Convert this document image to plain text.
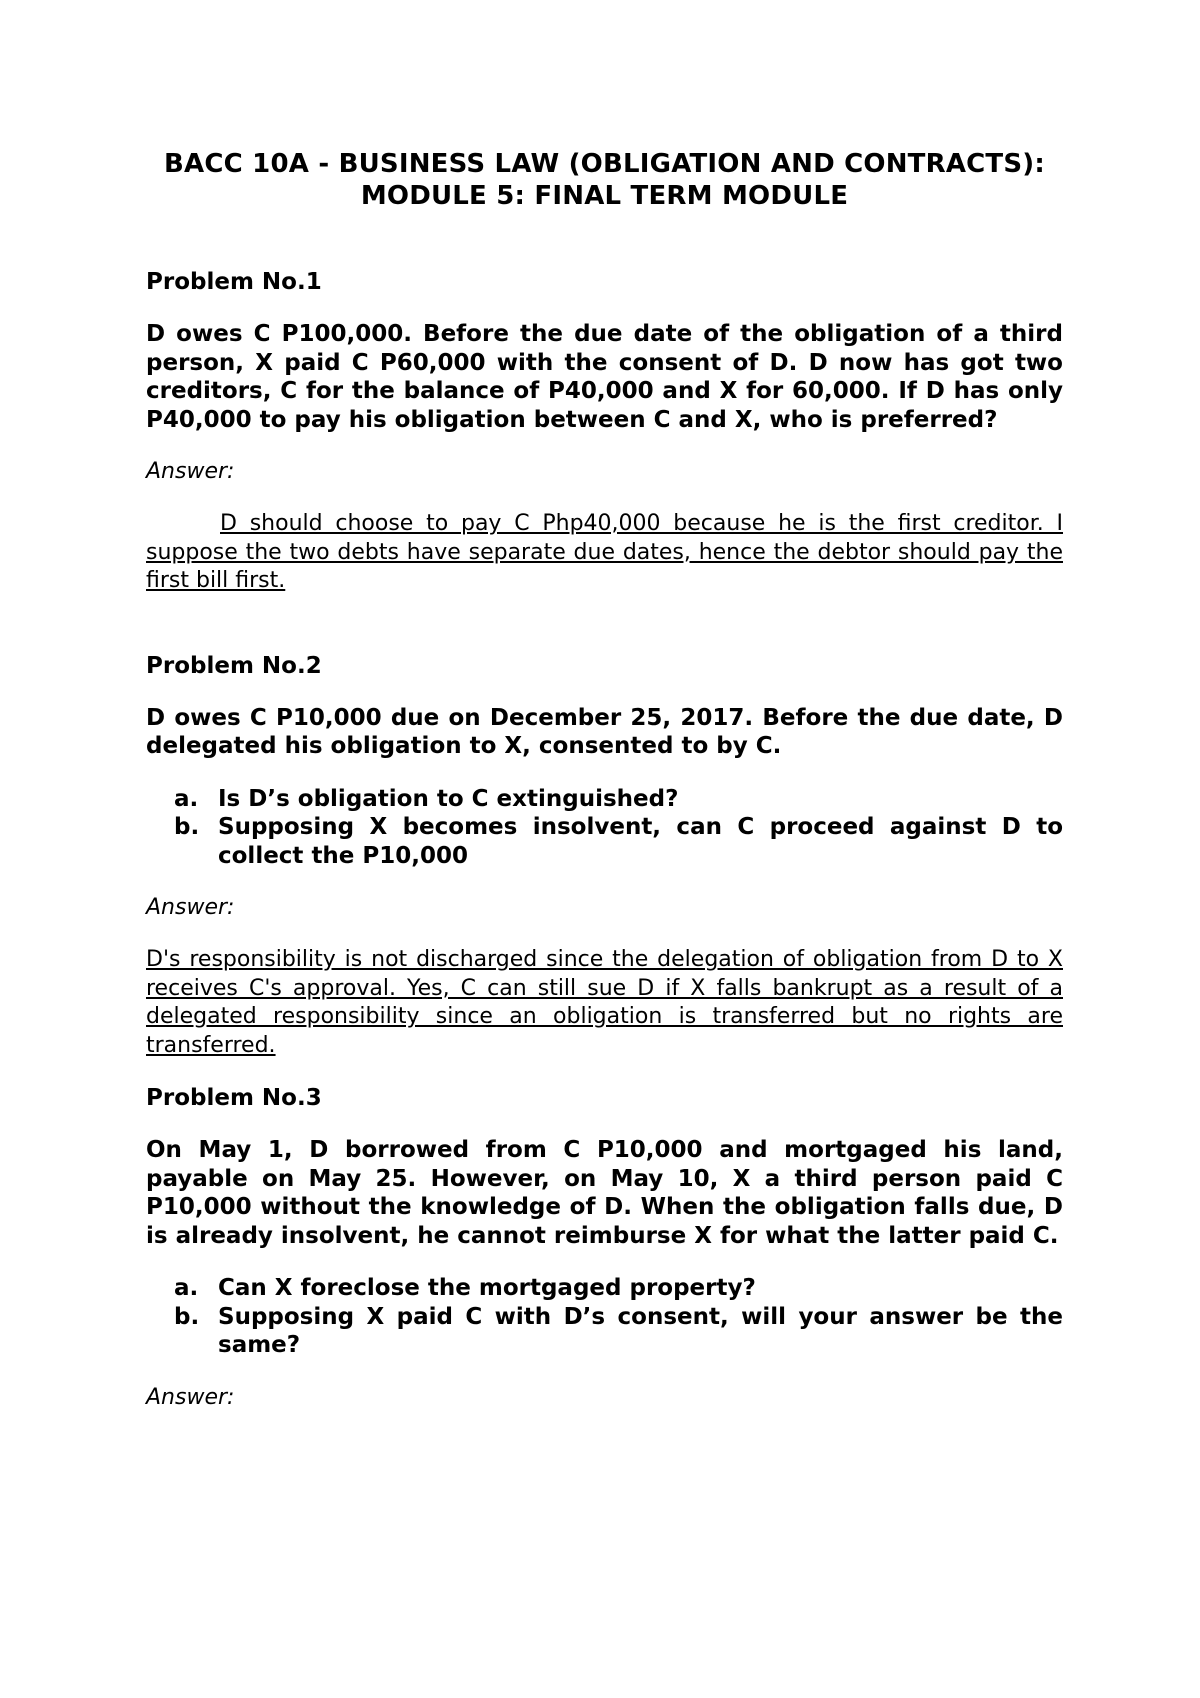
BACC 10A - BUSINESS LAW (OBLIGATION AND CONTRACTS): MODULE 5: FINAL TERM MODULE

Problem No.1

D owes C P100,000. Before the due date of the obligation of a third person, X paid C P60,000 with the consent of D. D now has got two creditors, C for the balance of P40,000 and X for 60,000. If D has only P40,000 to pay his obligation between C and X, who is preferred?

Answer:

D should choose to pay C Php40,000 because he is the first creditor. I suppose the two debts have separate due dates, hence the debtor should pay the first bill first.

Problem No.2

D owes C P10,000 due on December 25, 2017. Before the due date, D delegated his obligation to X, consented to by C.

a. Is D’s obligation to C extinguished?
b. Supposing X becomes insolvent, can C proceed against D to collect the P10,000

Answer:

D's responsibility is not discharged since the delegation of obligation from D to X receives C's approval. Yes, C can still sue D if X falls bankrupt as a result of a delegated responsibility since an obligation is transferred but no rights are transferred.

Problem No.3

On May 1, D borrowed from C P10,000 and mortgaged his land, payable on May 25. However, on May 10, X a third person paid C P10,000 without the knowledge of D. When the obligation falls due, D is already insolvent, he cannot reimburse X for what the latter paid C.

a. Can X foreclose the mortgaged property?
b. Supposing X paid C with D’s consent, will your answer be the same?

Answer:
